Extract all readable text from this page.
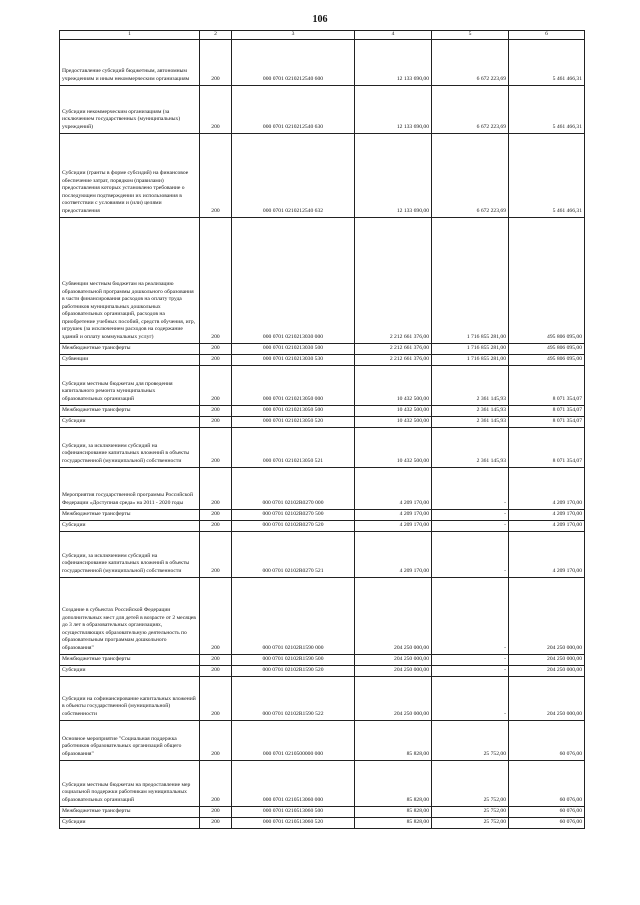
106
1	2	3	4	5	6
Предоставление субсидий бюджетным, автономным учреждениям и иным некоммерческим организациям	200	000 0701 0210212540 600	12 133 690,00	6 672 223,69	5 461 466,31
Субсидии некоммерческим организациям (за исключением государственных (муниципальных) учреждений)	200	000 0701 0210212540 630	12 133 690,00	6 672 223,69	5 461 466,31
Субсидии (гранты в форме субсидий) на финансовое обеспечение затрат, порядком (правилами) предоставления которых установлено требование о последующем подтверждении их использования в соответствии с условиями и (или) целями предоставления	200	000 0701 0210212540 632	12 133 690,00	6 672 223,69	5 461 466,31
Субвенции местным бюджетам на реализацию образовательной программы дошкольного образования в части финансирования расходов на оплату труда работников муниципальных дошкольных образовательных организаций, расходов на приобретение учебных пособий, средств обучения, игр, игрушек (за исключением расходов на содержание зданий и оплату коммунальных услуг)	200	000 0701 0210213030 000	2 212 661 376,00	1 716 855 281,00	495 806 095,00
Межбюджетные трансферты	200	000 0701 0210213030 500	2 212 661 376,00	1 716 855 281,00	495 806 095,00
Субвенции	200	000 0701 0210213030 530	2 212 661 376,00	1 716 855 281,00	495 806 095,00
Субсидии местным бюджетам для проведения капитального ремонта муниципальных образовательных организаций	200	000 0701 0210213050 000	10 432 500,00	2 361 145,93	8 071 354,07
Межбюджетные трансферты	200	000 0701 0210213050 500	10 432 500,00	2 361 145,93	8 071 354,07
Субсидии	200	000 0701 0210213050 520	10 432 500,00	2 361 145,93	8 071 354,07
Субсидии, за исключением субсидий на софинансирование капитальных вложений в объекты государственной (муниципальной) собственности	200	000 0701 0210213050 521	10 432 500,00	2 361 145,93	8 071 354,07
Мероприятия государственной программы Российской Федерации «Доступная среда» на 2011 - 2020 годы	200	000 0701 02102R0270 000	4 209 170,00	-	4 209 170,00
Межбюджетные трансферты	200	000 0701 02102R0270 500	4 209 170,00	-	4 209 170,00
Субсидии	200	000 0701 02102R0270 520	4 209 170,00	-	4 209 170,00
Субсидии, за исключением субсидий на софинансирование капитальных вложений в объекты государственной (муниципальной) собственности	200	000 0701 02102R0270 521	4 209 170,00	-	4 209 170,00
Создание в субъектах Российской Федерации дополнительных мест для детей в возрасте от 2 месяцев до 3 лет в образовательных организациях, осуществляющих образовательную деятельность по образовательным программам дошкольного образования"	200	000 0701 02102R1590 000	204 250 000,00	-	204 250 000,00
Межбюджетные трансферты	200	000 0701 02102R1590 500	204 250 000,00	-	204 250 000,00
Субсидии	200	000 0701 02102R1590 520	204 250 000,00	-	204 250 000,00
Субсидии на софинансирование капитальных вложений в объекты государственной (муниципальной) собственности	200	000 0701 02102R1590 522	204 250 000,00	-	204 250 000,00
Основное мероприятие "Социальная поддержка работников образовательных организаций общего образования"	200	000 0701 0210500000 000	85 828,00	25 752,00	60 076,00
Субсидии местным бюджетам на предоставление мер социальной поддержки работникам муниципальных образовательных организаций	200	000 0701 0210513060 000	85 828,00	25 752,00	60 076,00
Межбюджетные трансферты	200	000 0701 0210513060 500	85 828,00	25 752,00	60 076,00
Субсидии	200	000 0701 0210513060 520	85 828,00	25 752,00	60 076,00
